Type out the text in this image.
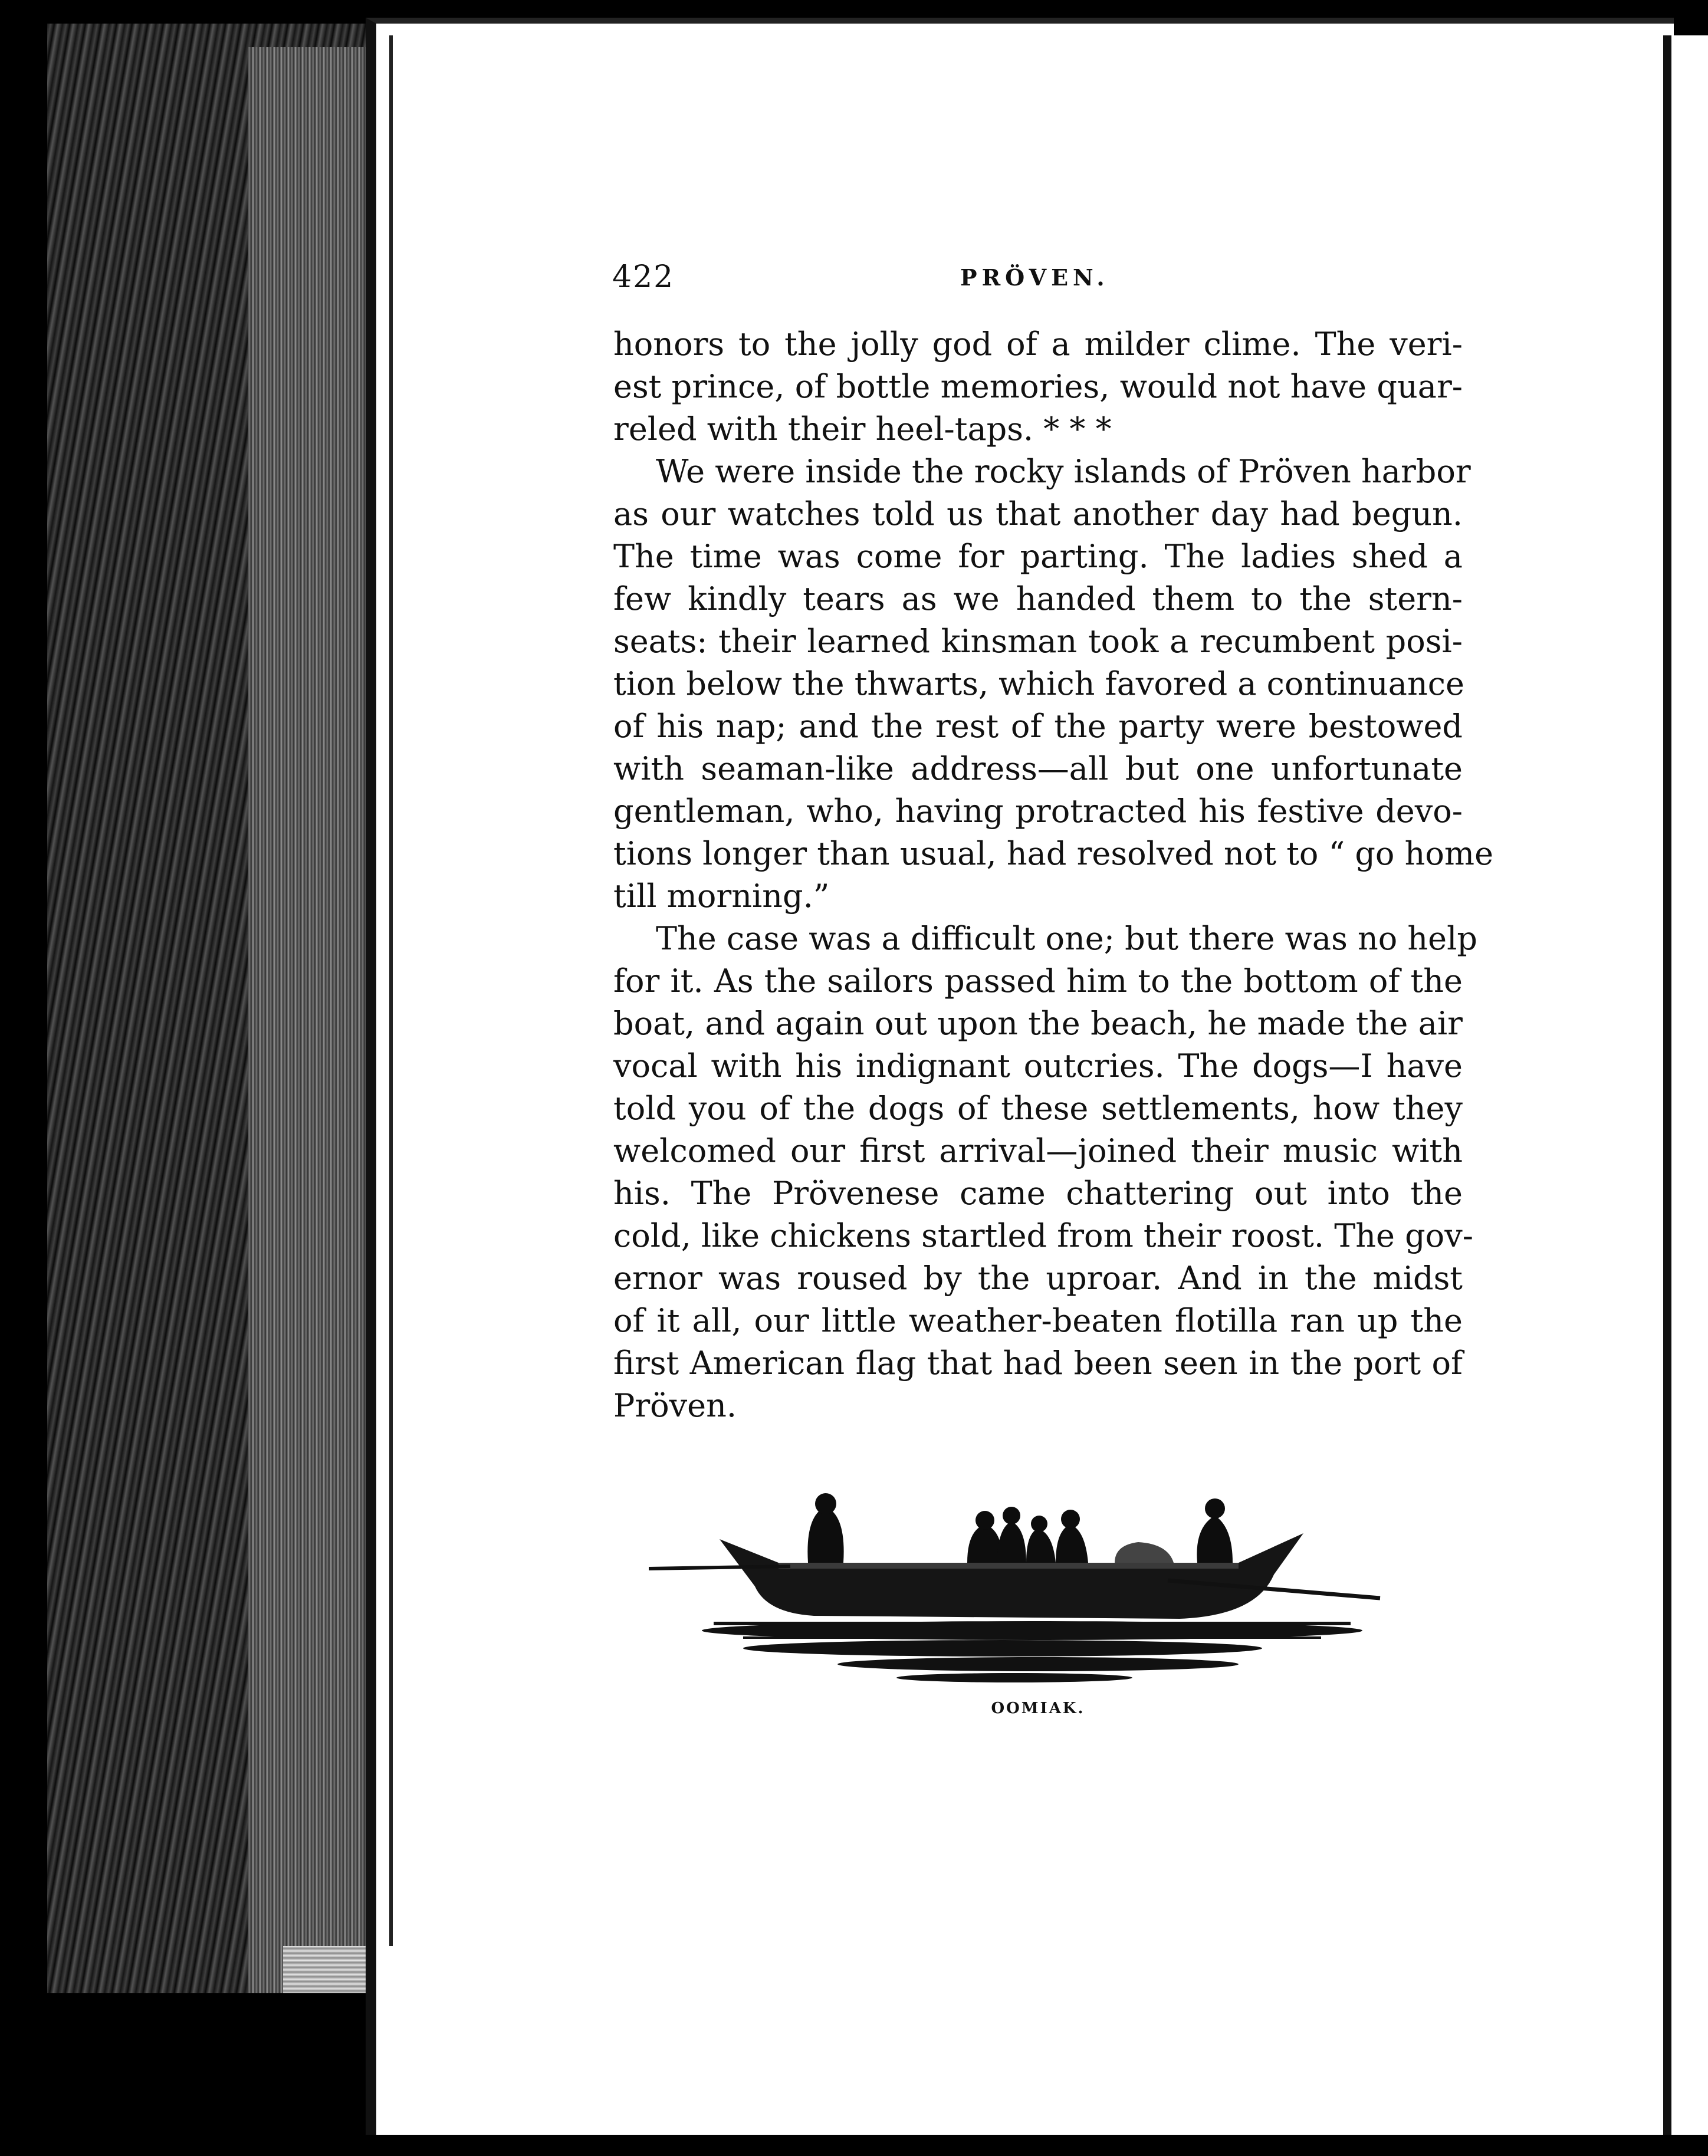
422	PRÖVEN.
honors to the jolly god of a milder clime. The veri-
est prince, of bottle memories, would not have quar-
reled with their heel-taps. * * *
We were inside the rocky islands of Pröven harbor
as our watches told us that another day had begun.
The time was come for parting. The ladies shed a
few kindly tears as we handed them to the stern-
seats: their learned kinsman took a recumbent posi-
tion below the thwarts, which favored a continuance
of his nap; and the rest of the party were bestowed
with seaman-like address—all but one unfortunate
gentleman, who, having protracted his festive devo-
tions longer than usual, had resolved not to “ go home
till morning.”
The case was a difficult one; but there was no help
for it. As the sailors passed him to the bottom of the
boat, and again out upon the beach, he made the air
vocal with his indignant outcries. The dogs—I have
told you of the dogs of these settlements, how they
welcomed our first arrival—joined their music with
his. The Prövenese came chattering out into the
cold, like chickens startled from their roost. The gov-
ernor was roused by the uproar. And in the midst
of it all, our little weather-beaten flotilla ran up the
first American flag that had been seen in the port of
Pröven.
OOMIAK.
